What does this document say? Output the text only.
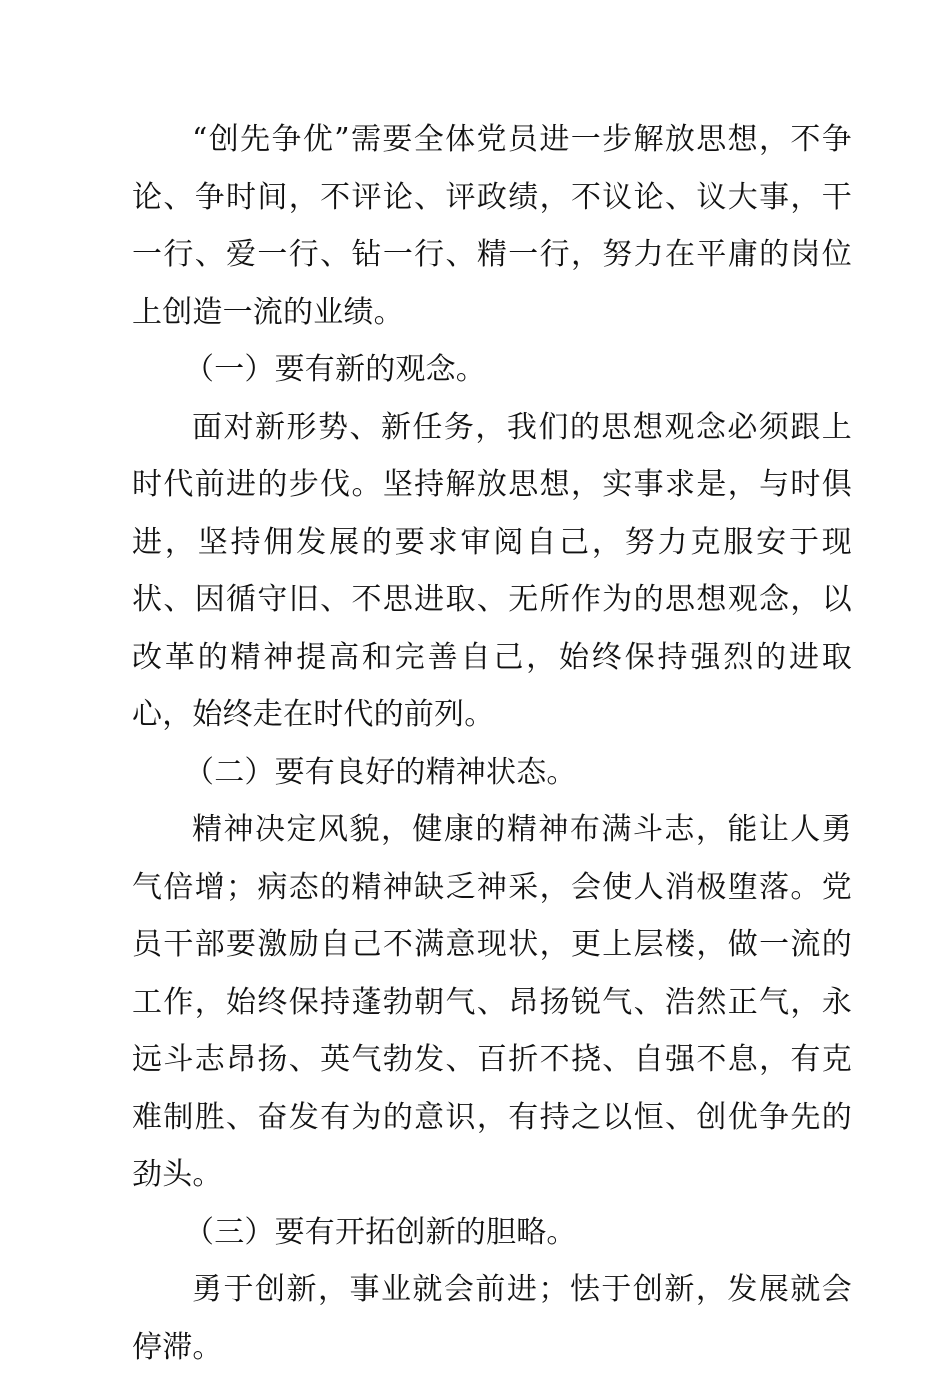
“创先争优”需要全体党员进一步解放思想，不争论、争时间，不评论、评政绩，不议论、议大事，干一行、爱一行、钻一行、精一行，努力在平庸的岗位上创造一流的业绩。

（一）要有新的观念。

面对新形势、新任务，我们的思想观念必须跟上时代前进的步伐。坚持解放思想，实事求是，与时俱进，坚持佣发展的要求审阅自己，努力克服安于现状、因循守旧、不思进取、无所作为的思想观念，以改革的精神提高和完善自己，始终保持强烈的进取心，始终走在时代的前列。

（二）要有良好的精神状态。

精神决定风貌，健康的精神布满斗志，能让人勇气倍增；病态的精神缺乏神采，会使人消极堕落。党员干部要激励自己不满意现状，更上层楼，做一流的工作，始终保持蓬勃朝气、昂扬锐气、浩然正气，永远斗志昂扬、英气勃发、百折不挠、自强不息，有克难制胜、奋发有为的意识，有持之以恒、创优争先的劲头。

（三）要有开拓创新的胆略。

勇于创新，事业就会前进；怯于创新，发展就会停滞。
